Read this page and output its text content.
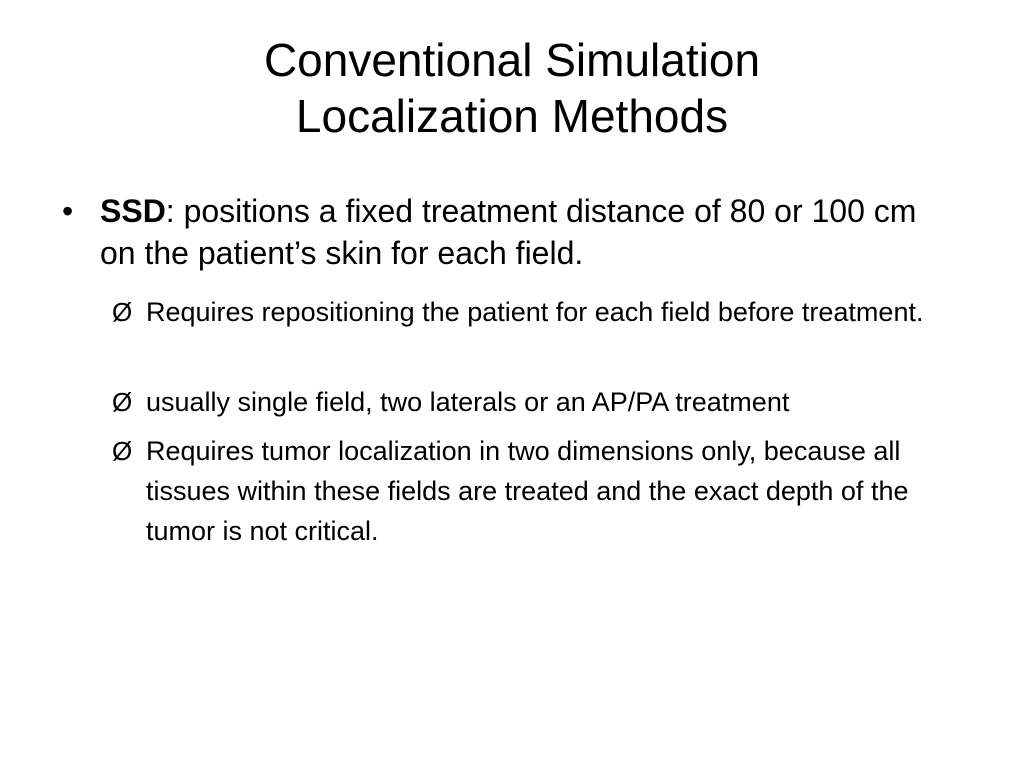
Conventional Simulation
Localization Methods
• SSD: positions a fixed treatment distance of 80 or 100 cm on the patient’s skin for each field.
Ø Requires repositioning the patient for each field before treatment.
Ø usually single field, two laterals or an AP/PA treatment
Ø Requires tumor localization in two dimensions only, because all tissues within these fields are treated and the exact depth of the tumor is not critical.
